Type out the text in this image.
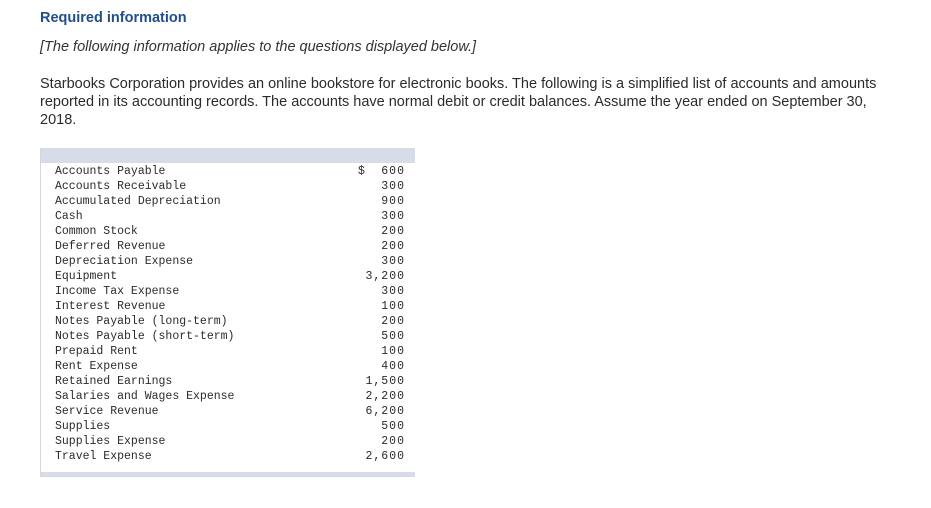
Required information
[The following information applies to the questions displayed below.]
Starbooks Corporation provides an online bookstore for electronic books. The following is a simplified list of accounts and amounts reported in its accounting records. The accounts have normal debit or credit balances. Assume the year ended on September 30, 2018.
Accounts Payable	$ 600
Accounts Receivable	300
Accumulated Depreciation	900
Cash	300
Common Stock	200
Deferred Revenue	200
Depreciation Expense	300
Equipment	3,200
Income Tax Expense	300
Interest Revenue	100
Notes Payable (long-term)	200
Notes Payable (short-term)	500
Prepaid Rent	100
Rent Expense	400
Retained Earnings	1,500
Salaries and Wages Expense	2,200
Service Revenue	6,200
Supplies	500
Supplies Expense	200
Travel Expense	2,600
